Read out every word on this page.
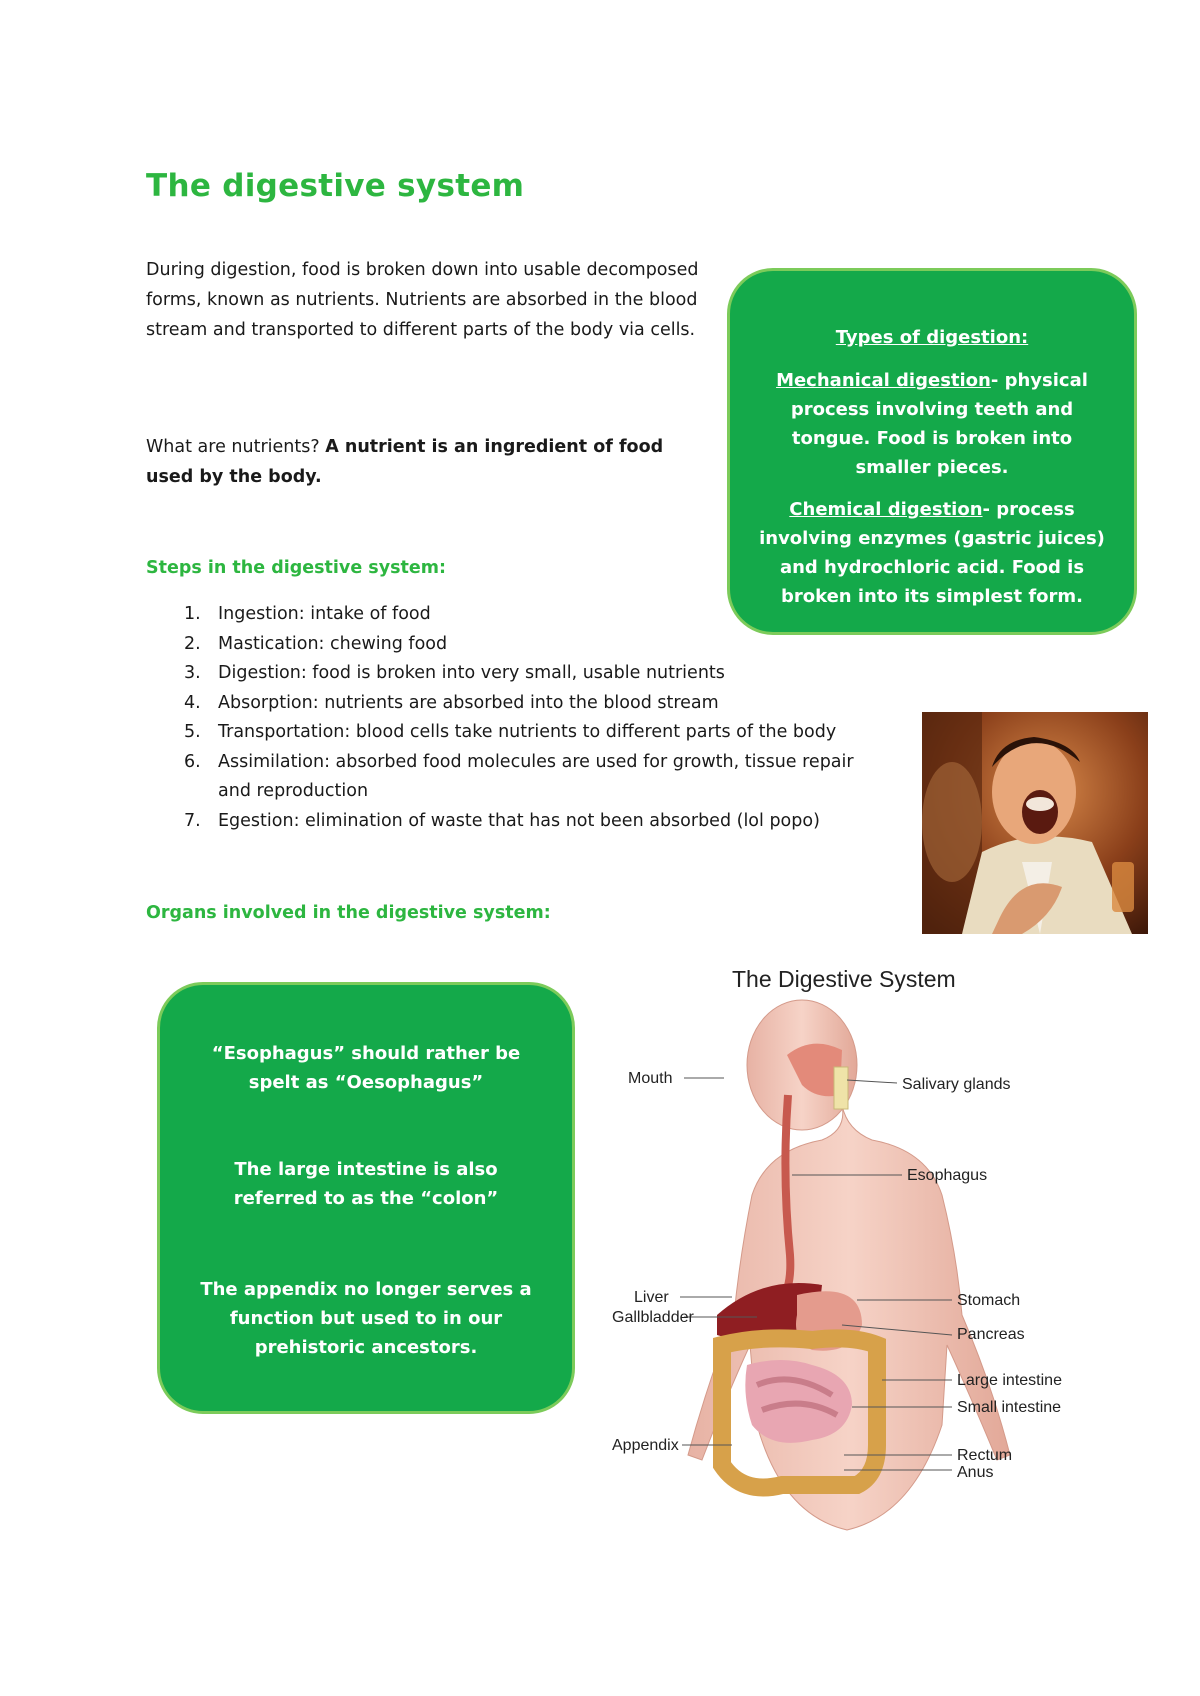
The digestive system
During digestion, food is broken down into usable decomposed forms, known as nutrients. Nutrients are absorbed in the blood stream and transported to different parts of the body via cells.
What are nutrients? A nutrient is an ingredient of food used by the body.
Steps in the digestive system:
1. Ingestion: intake of food
2. Mastication: chewing food
3. Digestion: food is broken into very small, usable nutrients
4. Absorption: nutrients are absorbed into the blood stream
5. Transportation: blood cells take nutrients to different parts of the body
6. Assimilation: absorbed food molecules are used for growth, tissue repair and reproduction
7. Egestion: elimination of waste that has not been absorbed (lol popo)
Organs involved in the digestive system:

Types of digestion:

Mechanical digestion- physical process involving teeth and tongue. Food is broken into smaller pieces.

Chemical digestion- process involving enzymes (gastric juices) and hydrochloric acid. Food is broken into its simplest form.

“Esophagus” should rather be spelt as “Oesophagus”

The large intestine is also referred to as the “colon”

The appendix no longer serves a function but used to in our prehistoric ancestors.

The Digestive System
Mouth	Salivary glands
Esophagus
Liver
Gallbladder
Stomach
Pancreas
Large intestine
Small intestine
Appendix
Rectum
Anus
